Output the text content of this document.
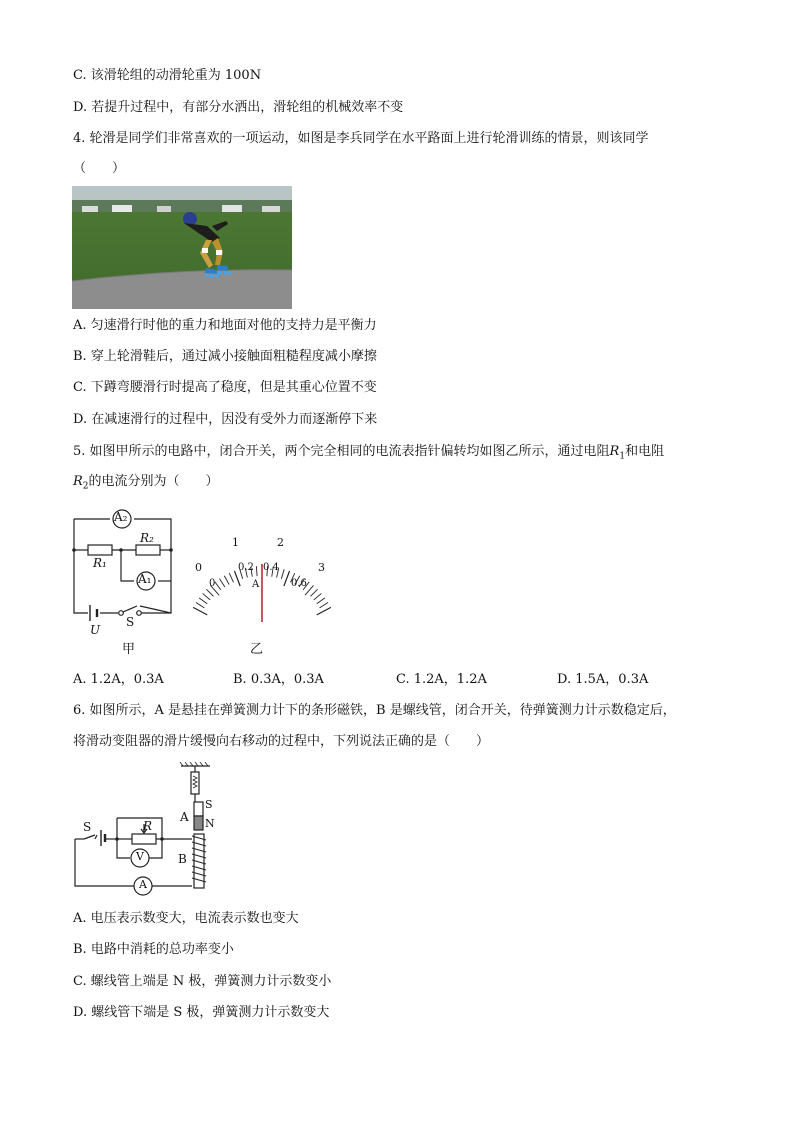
C. 该滑轮组的动滑轮重为 100N
D. 若提升过程中，有部分水洒出，滑轮组的机械效率不变
4. 轮滑是同学们非常喜欢的一项运动，如图是李兵同学在水平路面上进行轮滑训练的情景，则该同学
（　　）
A. 匀速滑行时他的重力和地面对他的支持力是平衡力
B. 穿上轮滑鞋后，通过减小接触面粗糙程度减小摩擦
C. 下蹲弯腰滑行时提高了稳度，但是其重心位置不变
D. 在减速滑行的过程中，因没有受外力而逐渐停下来
5. 如图甲所示的电路中，闭合开关，两个完全相同的电流表指针偏转均如图乙所示，通过电阻$R_1$和电阻
$R_2$的电流分别为（　　）
A₂
A₁
R₁
R₂
U
S
甲
0
1	2
3
0
0.2 0.4
0.6
A
乙
A. 1.2A，0.3A	B. 0.3A，0.3A	C. 1.2A，1.2A	D. 1.5A，0.3A
6. 如图所示，A 是悬挂在弹簧测力计下的条形磁铁，B 是螺线管，闭合开关，待弹簧测力计示数稳定后，
将滑动变阻器的滑片缓慢向右移动的过程中，下列说法正确的是（　　）
S	R
V
A
A
B
S
N
A. 电压表示数变大，电流表示数也变大
B. 电路中消耗的总功率变小
C. 螺线管上端是 N 极，弹簧测力计示数变小
D. 螺线管下端是 S 极，弹簧测力计示数变大
